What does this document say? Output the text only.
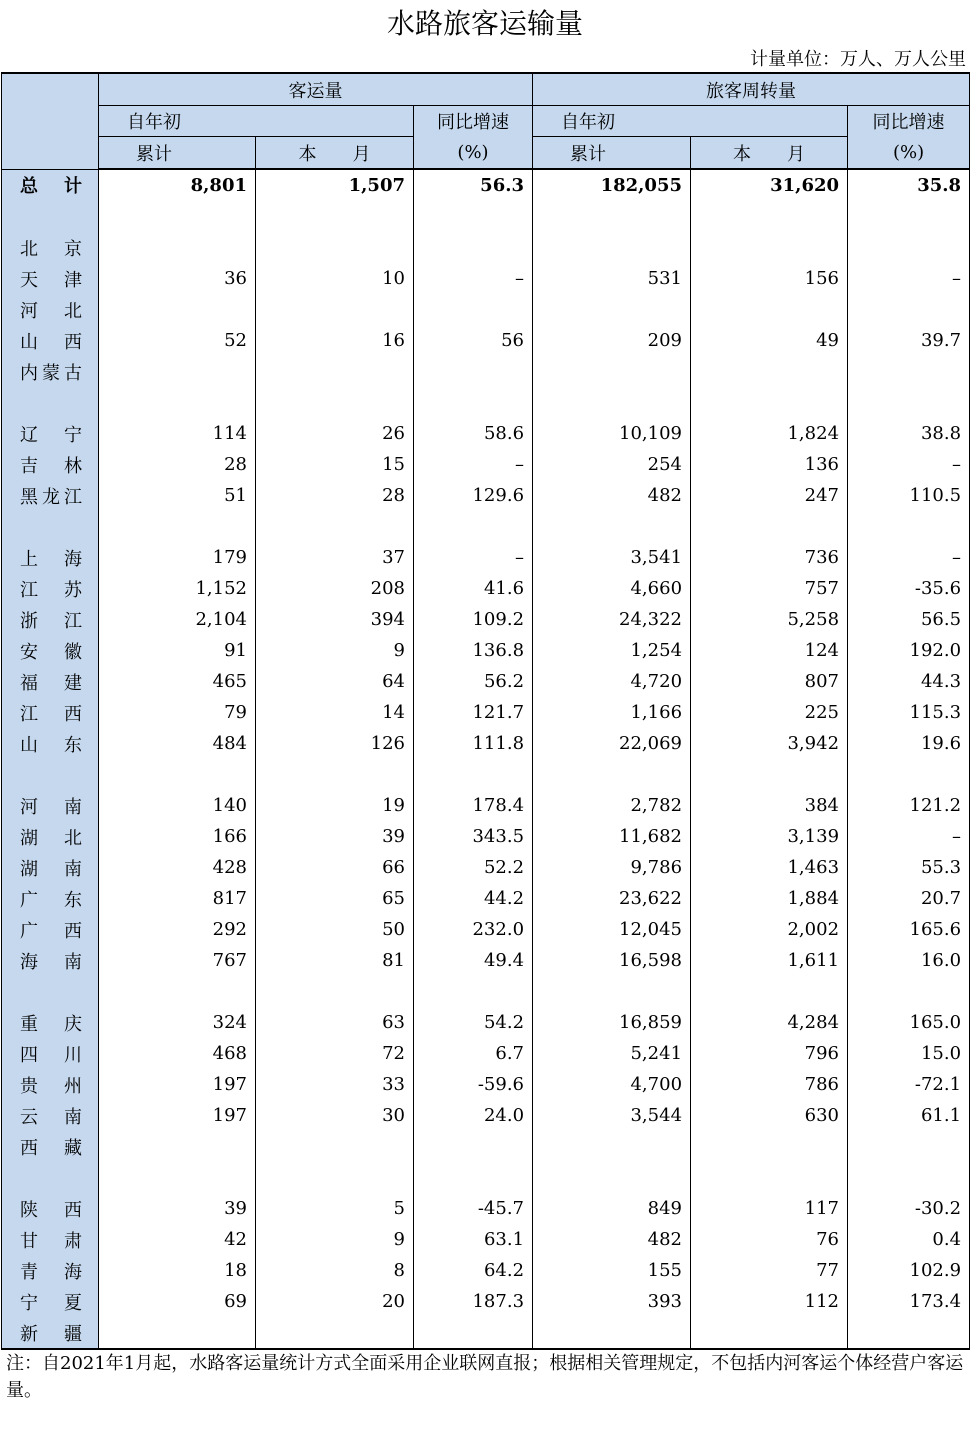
水路旅客运输量
计量单位：万人、万人公里
	客运量			旅客周转量		
	自年初		同比增速	自年初		同比增速
	累计	本　　月	(%)	累计	本　　月	(%)
总　计	8,801	1,507	56.3	182,055	31,620	35.8

北京						
天津	36	10	–	531	156	–
河北						
山西	52	16	56	209	49	39.7
内蒙古						

辽宁	114	26	58.6	10,109	1,824	38.8
吉林	28	15	–	254	136	–
黑龙江	51	28	129.6	482	247	110.5

上海	179	37	–	3,541	736	–
江苏	1,152	208	41.6	4,660	757	-35.6
浙江	2,104	394	109.2	24,322	5,258	56.5
安徽	91	9	136.8	1,254	124	192.0
福建	465	64	56.2	4,720	807	44.3
江西	79	14	121.7	1,166	225	115.3
山东	484	126	111.8	22,069	3,942	19.6

河南	140	19	178.4	2,782	384	121.2
湖北	166	39	343.5	11,682	3,139	–
湖南	428	66	52.2	9,786	1,463	55.3
广东	817	65	44.2	23,622	1,884	20.7
广西	292	50	232.0	12,045	2,002	165.6
海南	767	81	49.4	16,598	1,611	16.0

重庆	324	63	54.2	16,859	4,284	165.0
四川	468	72	6.7	5,241	796	15.0
贵州	197	33	-59.6	4,700	786	-72.1
云南	197	30	24.0	3,544	630	61.1
西藏						

陕西	39	5	-45.7	849	117	-30.2
甘肃	42	9	63.1	482	76	0.4
青海	18	8	64.2	155	77	102.9
宁夏	69	20	187.3	393	112	173.4
新疆						
注：自2021年1月起，水路客运量统计方式全面采用企业联网直报；根据相关管理规定，不包括内河客运个体经营户客运量。
